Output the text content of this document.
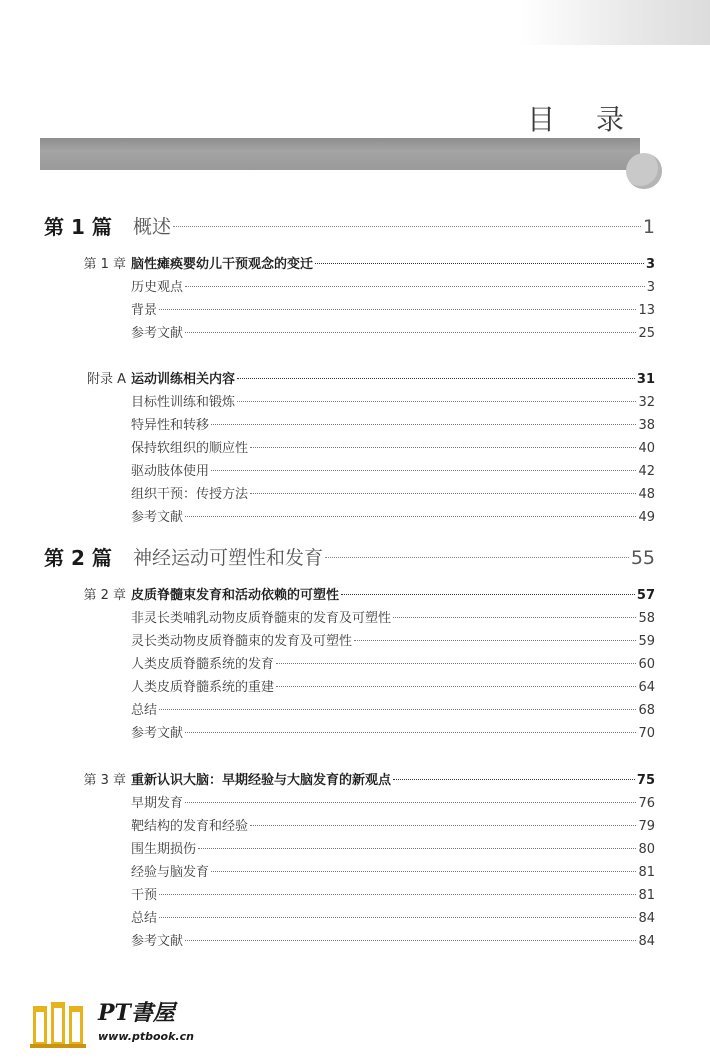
目 录
第 1 篇 概述	1
第 1 章 脑性瘫痪婴幼儿干预观念的变迁	3
历史观点	3
背景	13
参考文献	25
附录 A 运动训练相关内容	31
目标性训练和锻炼	32
特异性和转移	38
保持软组织的顺应性	40
驱动肢体使用	42
组织干预：传授方法	48
参考文献	49
第 2 篇 神经运动可塑性和发育	55
第 2 章 皮质脊髓束发育和活动依赖的可塑性	57
非灵长类哺乳动物皮质脊髓束的发育及可塑性	58
灵长类动物皮质脊髓束的发育及可塑性	59
人类皮质脊髓系统的发育	60
人类皮质脊髓系统的重建	64
总结	68
参考文献	70
第 3 章 重新认识大脑：早期经验与大脑发育的新观点	75
早期发育	76
靶结构的发育和经验	79
围生期损伤	80
经验与脑发育	81
干预	81
总结	84
参考文献	84
PT書屋
www.ptbook.cn
